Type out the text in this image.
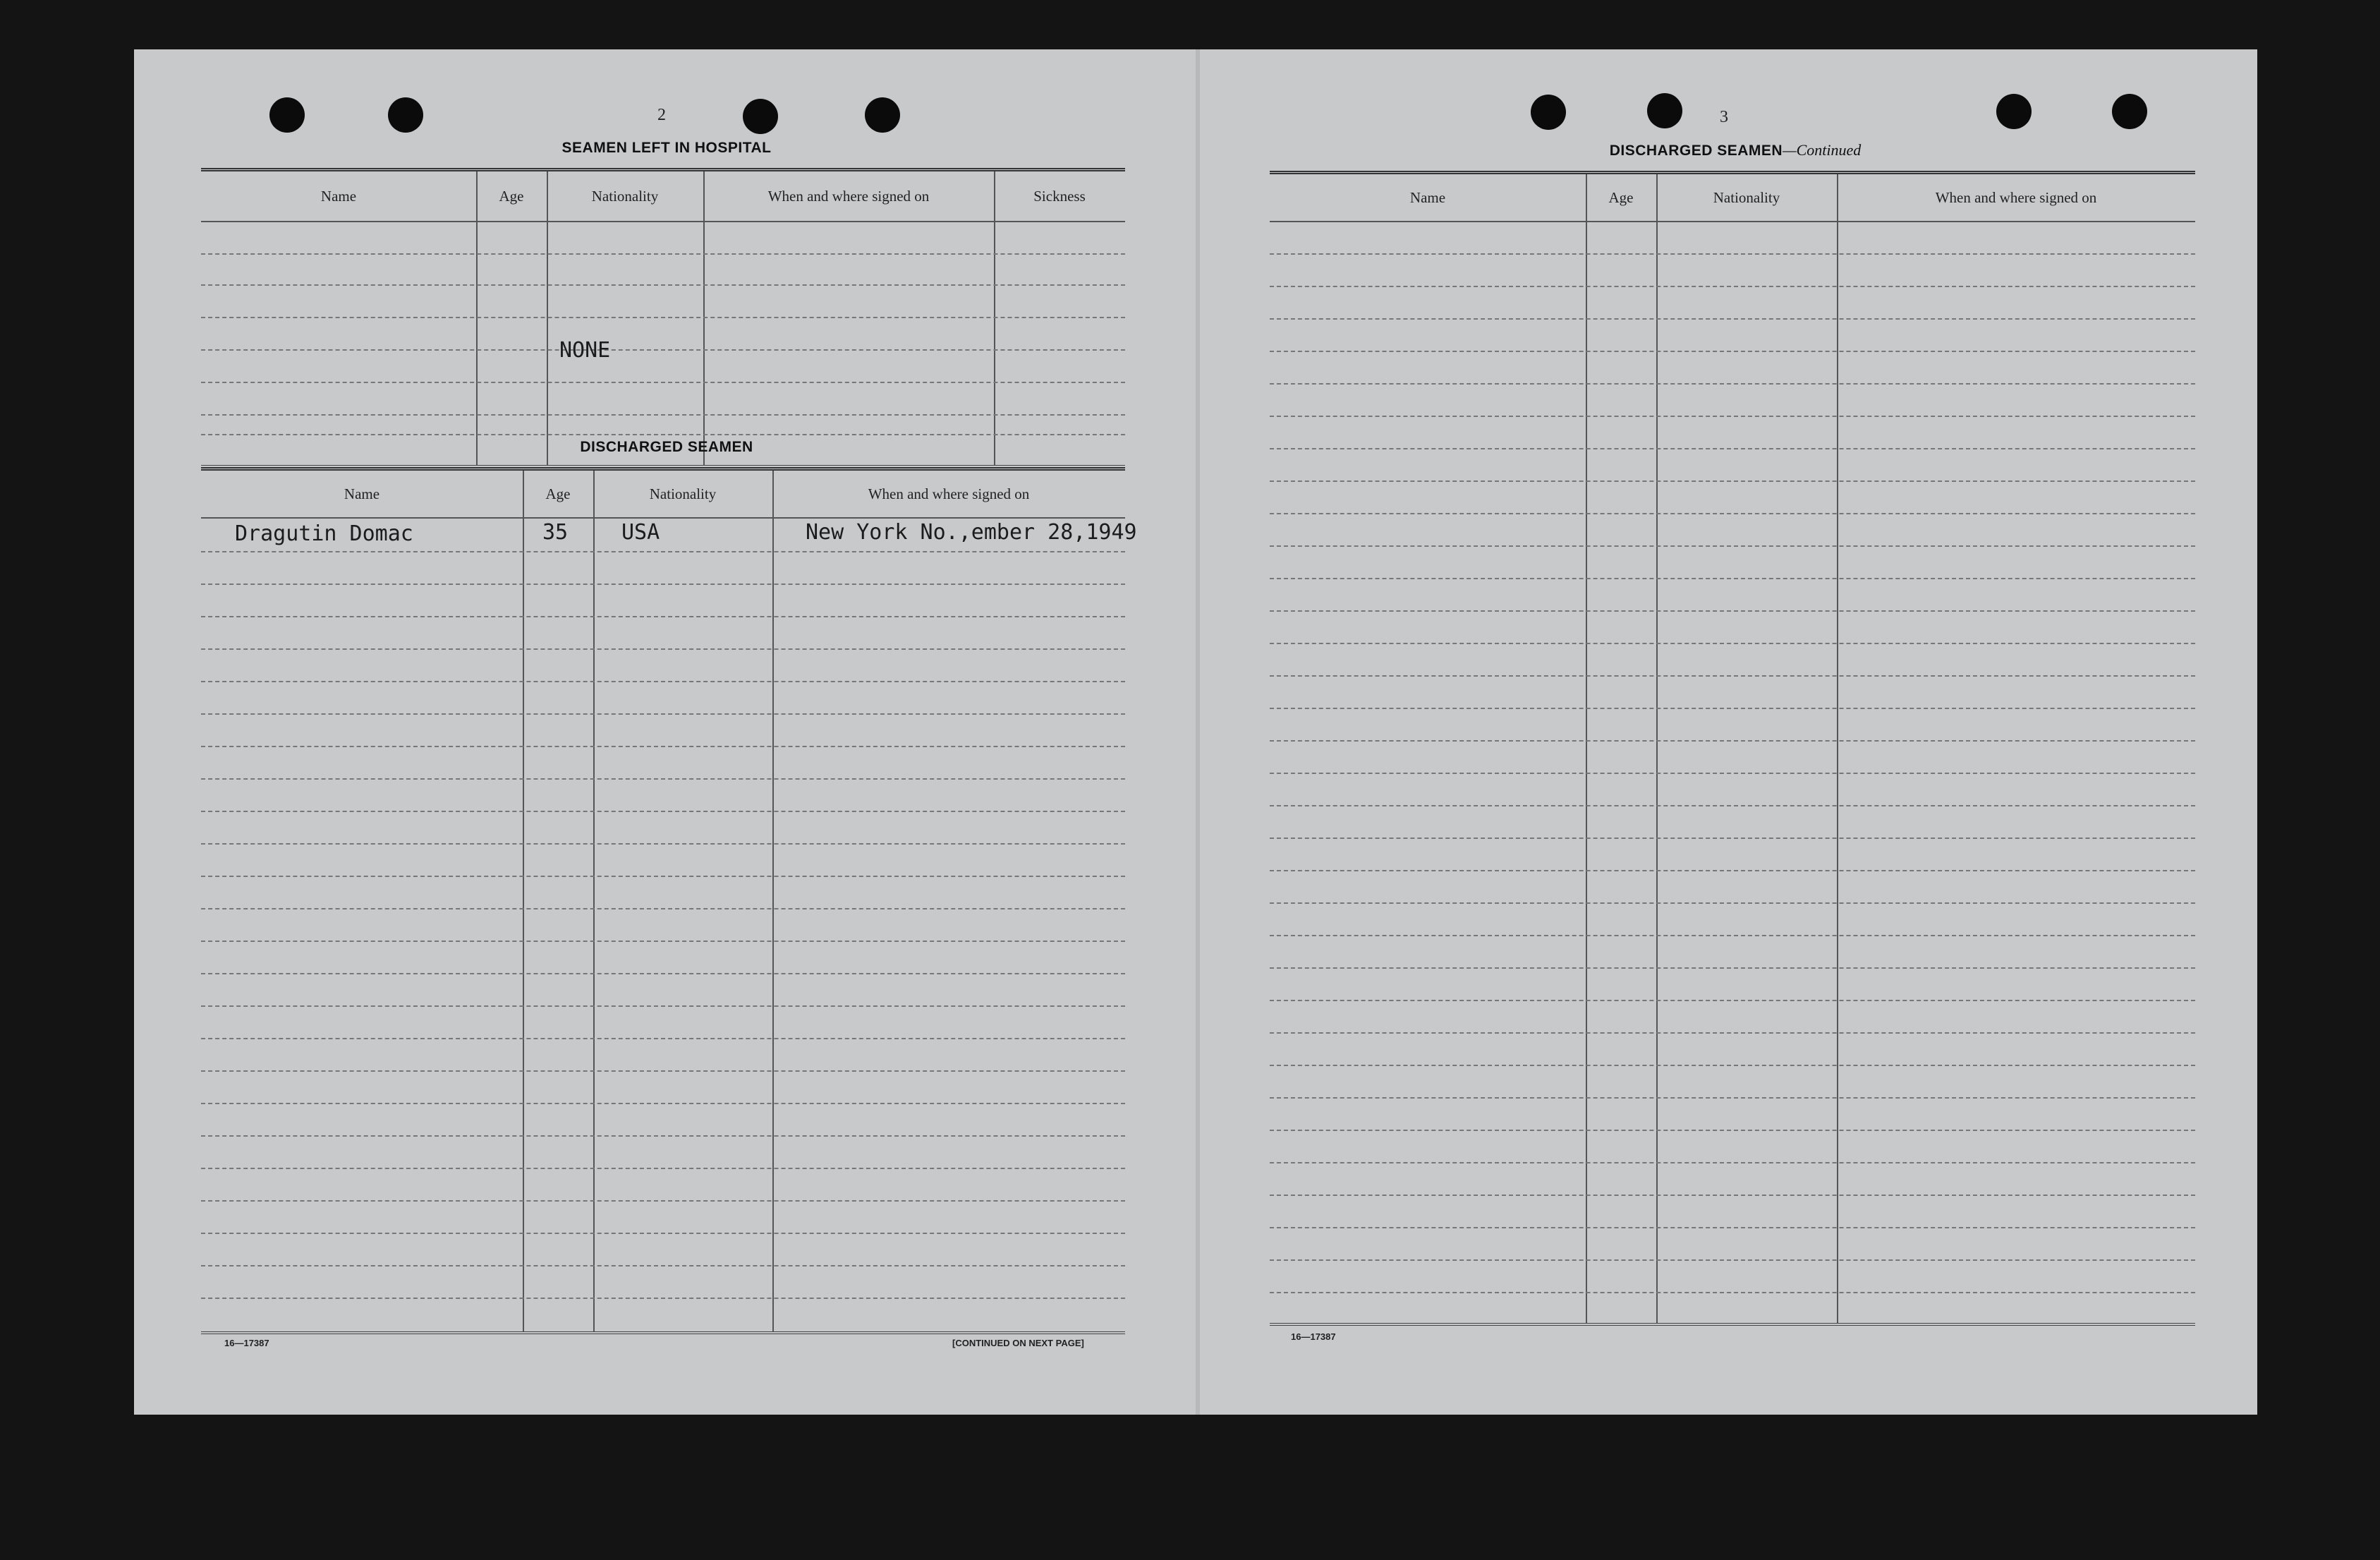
2
SEAMEN LEFT IN HOSPITAL
Name	Age	Nationality	When and where signed on	Sickness
NONE
DISCHARGED SEAMEN
Name	Age	Nationality	When and where signed on
Dragutin Domac	35	USA	New York No.,ember 28,1949
16—17387	[CONTINUED ON NEXT PAGE]
3
DISCHARGED SEAMEN—Continued
Name	Age	Nationality	When and where signed on
16—17387
